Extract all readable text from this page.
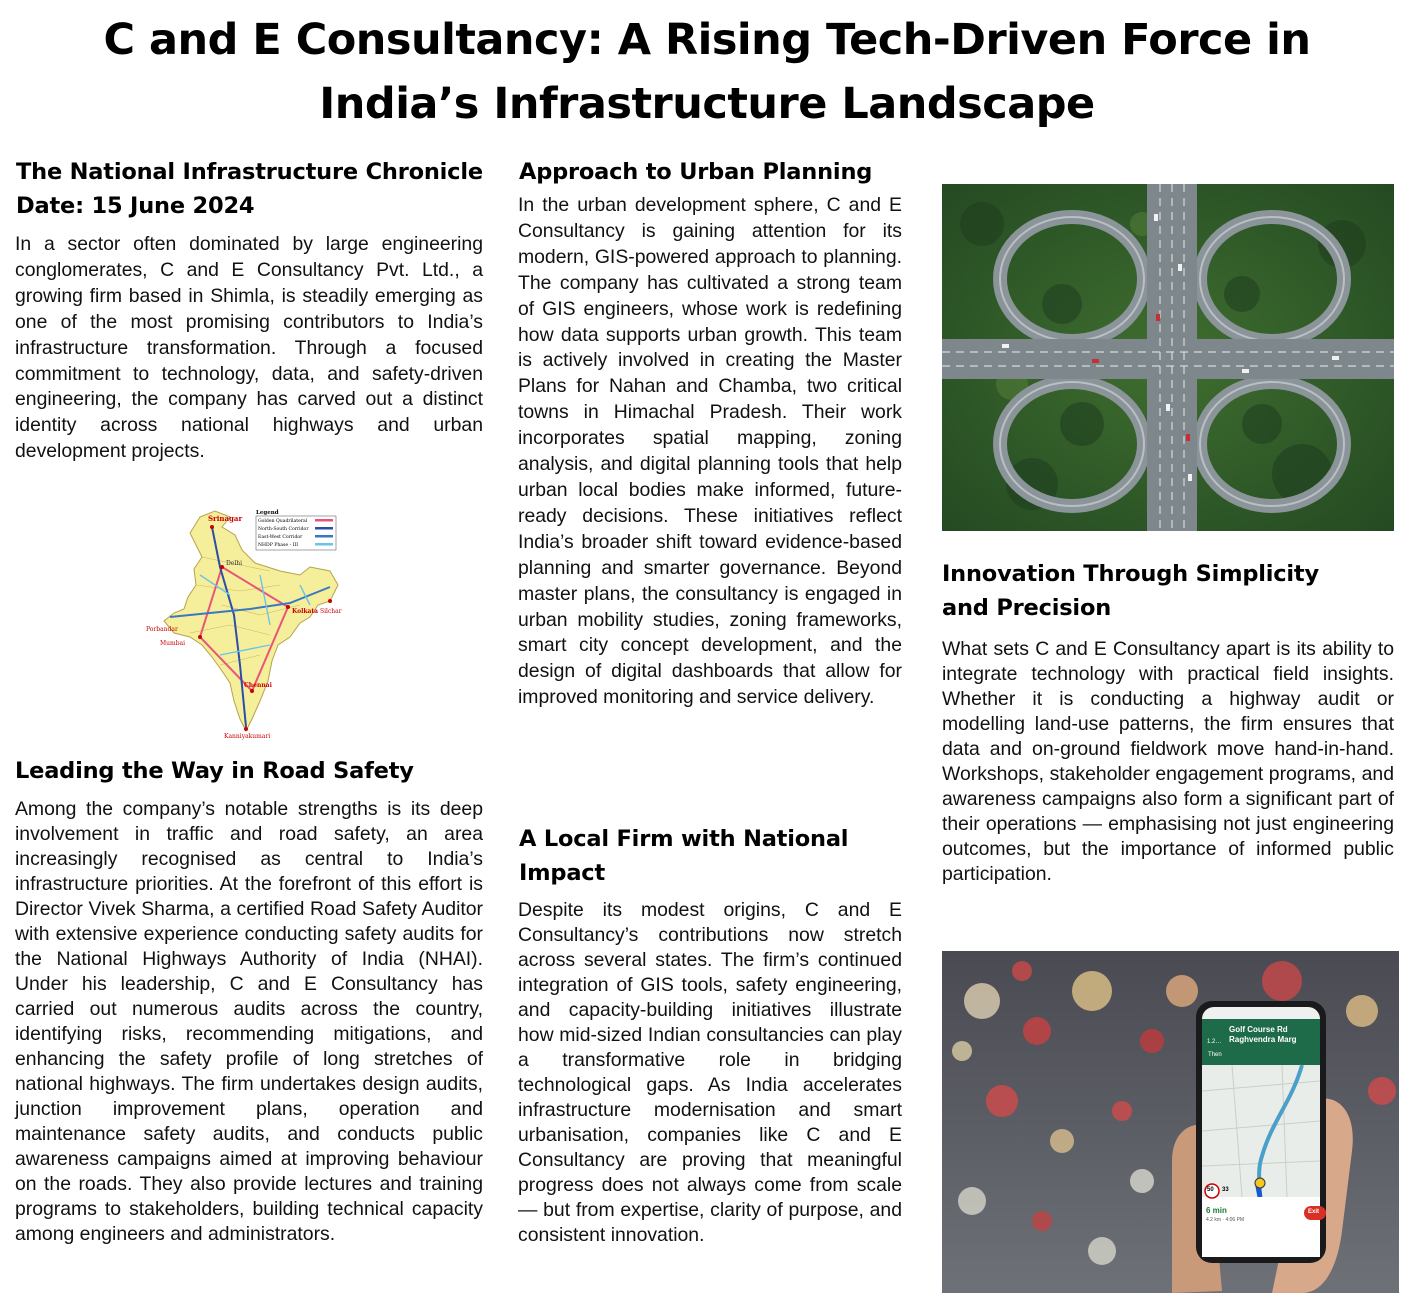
C and E Consultancy: A Rising Tech-Driven Force in
India’s Infrastructure Landscape
The National Infrastructure Chronicle
Date: 15 June 2024

In a sector often dominated by large engineering conglomerates, C and E Consultancy Pvt. Ltd., a growing firm based in Shimla, is steadily emerging as one of the most promising contributors to India’s infrastructure transformation. Through a focused commitment to technology, data, and safety-driven engineering, the company has carved out a distinct identity across national highways and urban development projects.

Srinagar
Kolkata
Porbandar
Mumbai
Chennai
Kanniyakumari
Silchar
Delhi
Legend
Golden Quadrilateral
North-South Corridor
East-West Corridor
NHDP Phase - III
Leading the Way in Road Safety

Among the company’s notable strengths is its deep involvement in traffic and road safety, an area increasingly recognised as central to India’s infrastructure priorities. At the forefront of this effort is Director Vivek Sharma, a certified Road Safety Auditor with extensive experience conducting safety audits for the National Highways Authority of India (NHAI). Under his leadership, C and E Consultancy has carried out numerous audits across the country, identifying risks, recommending mitigations, and enhancing the safety profile of long stretches of national highways. The firm undertakes design audits, junction improvement plans, operation and maintenance safety audits, and conducts public awareness campaigns aimed at improving behaviour on the roads. They also provide lectures and training programs to stakeholders, building technical capacity among engineers and administrators.

Approach to Urban Planning

In the urban development sphere, C and E Consultancy is gaining attention for its modern, GIS-powered approach to planning. The company has cultivated a strong team of GIS engineers, whose work is redefining how data supports urban growth. This team is actively involved in creating the Master Plans for Nahan and Chamba, two critical towns in Himachal Pradesh. Their work incorporates spatial mapping, zoning analysis, and digital planning tools that help urban local bodies make informed, future-ready decisions. These initiatives reflect India’s broader shift toward evidence-based planning and smarter governance. Beyond master plans, the consultancy is engaged in urban mobility studies, zoning frameworks, smart city concept development, and the design of digital dashboards that allow for improved monitoring and service delivery.

A Local Firm with National
Impact

Despite its modest origins, C and E Consultancy’s contributions now stretch across several states. The firm’s continued integration of GIS tools, safety engineering, and capacity-building initiatives illustrate how mid-sized Indian consultancies can play a transformative role in bridging technological gaps. As India accelerates infrastructure modernisation and smart urbanisation, companies like C and E Consultancy are proving that meaningful progress does not always come from scale — but from expertise, clarity of purpose, and consistent innovation.

Innovation Through Simplicity
and Precision

What sets C and E Consultancy apart is its ability to integrate technology with practical field insights. Whether it is conducting a highway audit or modelling land-use patterns, the firm ensures that data and on-ground fieldwork move hand-in-hand. Workshops, stakeholder engagement programs, and awareness campaigns also form a significant part of their operations — emphasising not just engineering outcomes, but the importance of informed public participation.

Golf Course Rd
Raghvendra Marg
1.2…
Then
50 33
6 min
4.2 km · 4:06 PM
Exit
